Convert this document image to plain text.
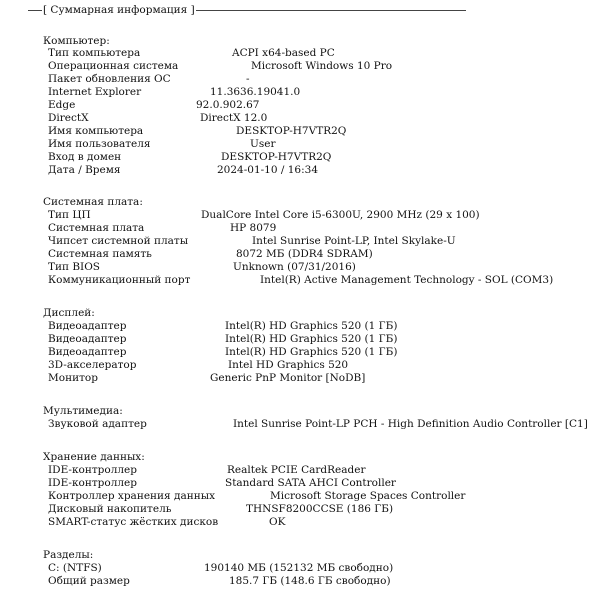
[ Суммарная информация ]
Компьютер:
Тип компьютера	ACPI x64-based PC
Операционная система	Microsoft Windows 10 Pro
Пакет обновления ОС	-
Internet Explorer	11.3636.19041.0
Edge	92.0.902.67
DirectX	DirectX 12.0
Имя компьютера	DESKTOP-H7VTR2Q
Имя пользователя	User
Вход в домен	DESKTOP-H7VTR2Q
Дата / Время	2024-01-10 / 16:34
Системная плата:
Тип ЦП	DualCore Intel Core i5-6300U, 2900 MHz (29 x 100)
Системная плата	HP 8079
Чипсет системной платы	Intel Sunrise Point-LP, Intel Skylake-U
Системная память	8072 МБ (DDR4 SDRAM)
Тип BIOS	Unknown (07/31/2016)
Коммуникационный порт	Intel(R) Active Management Technology - SOL (COM3)
Дисплей:
Видеоадаптер	Intel(R) HD Graphics 520 (1 ГБ)
Видеоадаптер	Intel(R) HD Graphics 520 (1 ГБ)
Видеоадаптер	Intel(R) HD Graphics 520 (1 ГБ)
3D-акселератор	Intel HD Graphics 520
Монитор	Generic PnP Monitor [NoDB]
Мультимедиа:
Звуковой адаптер	Intel Sunrise Point-LP PCH - High Definition Audio Controller [C1]
Хранение данных:
IDE-контроллер	Realtek PCIE CardReader
IDE-контроллер	Standard SATA AHCI Controller
Контроллер хранения данных	Microsoft Storage Spaces Controller
Дисковый накопитель	THNSF8200CCSE (186 ГБ)
SMART-статус жёстких дисков	OK
Разделы:
C: (NTFS)	190140 МБ (152132 МБ свободно)
Общий размер	185.7 ГБ (148.6 ГБ свободно)
